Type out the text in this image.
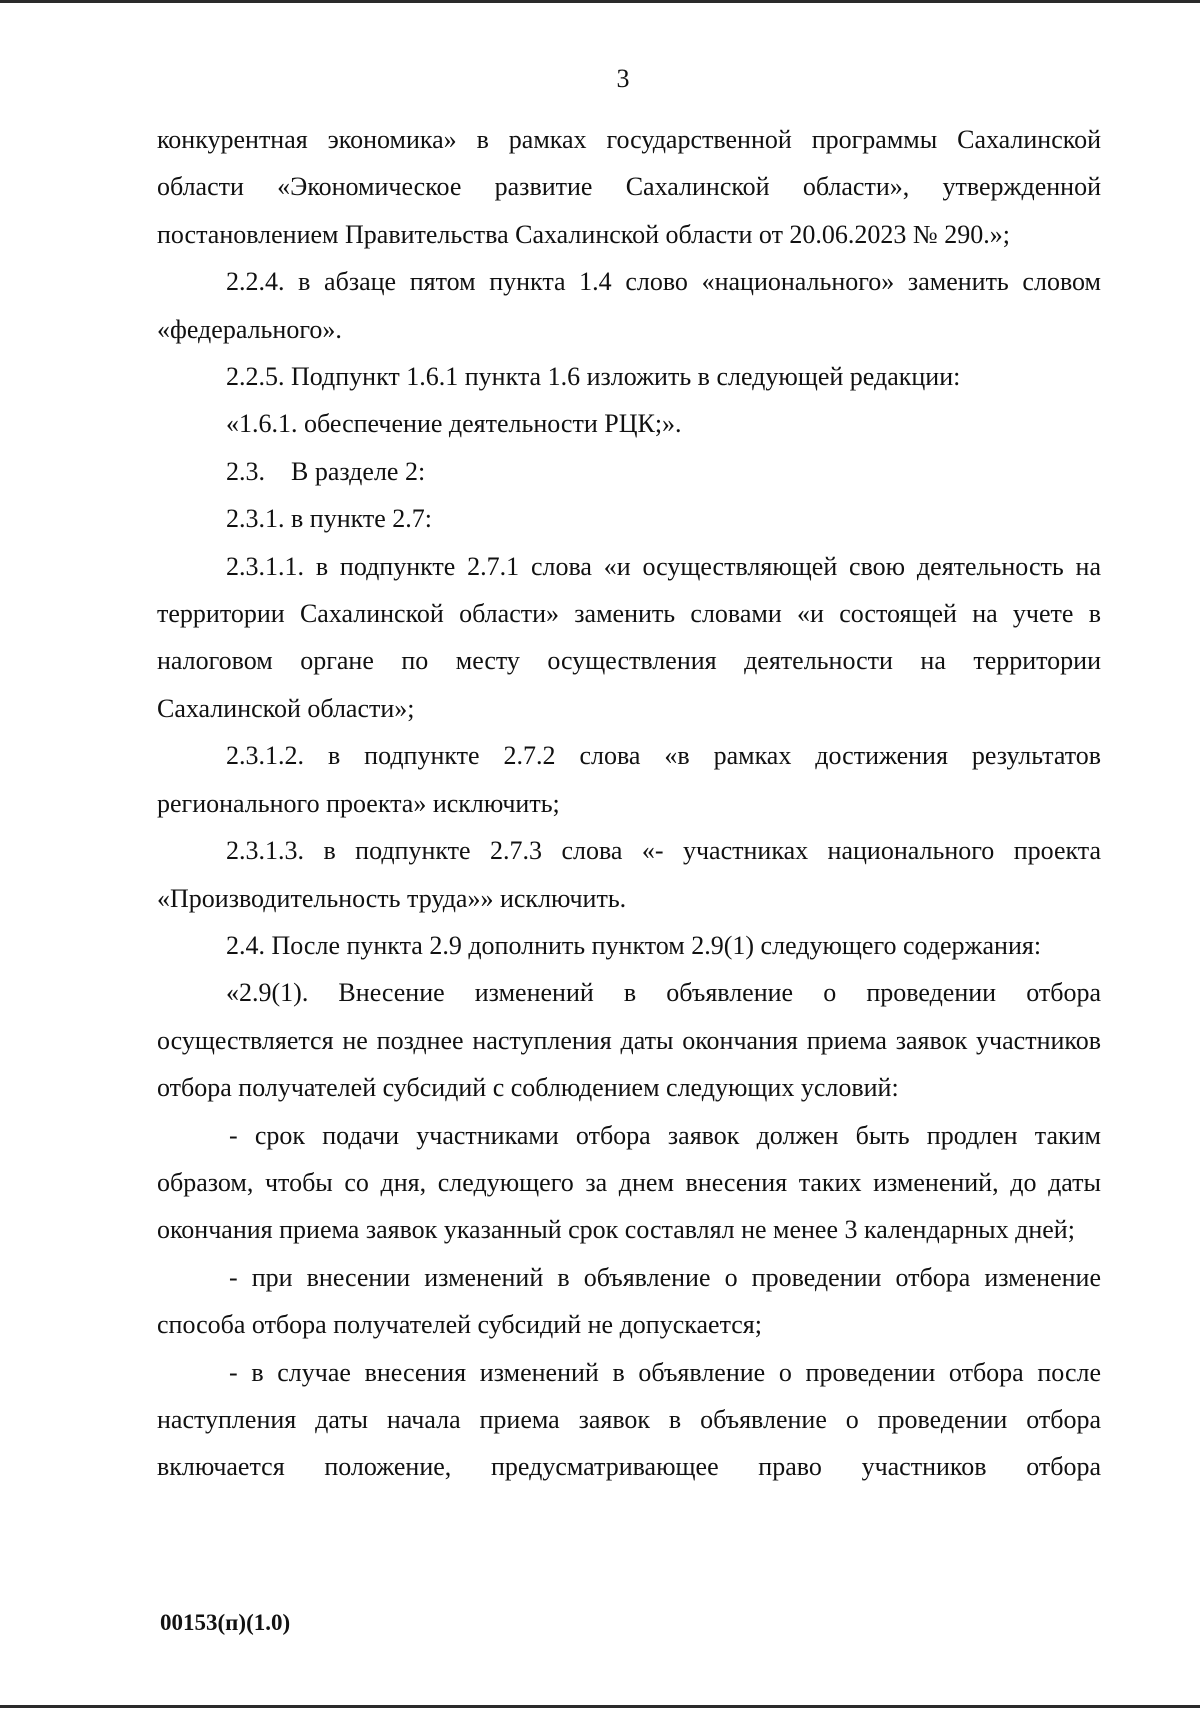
3

конкурентная экономика» в рамках государственной программы Сахалинской области «Экономическое развитие Сахалинской области», утвержденной постановлением Правительства Сахалинской области от 20.06.2023 № 290.»;

2.2.4. в абзаце пятом пункта 1.4 слово «национального» заменить словом «федерального».

2.2.5. Подпункт 1.6.1 пункта 1.6 изложить в следующей редакции:

«1.6.1. обеспечение деятельности РЦК;».

2.3.    В разделе 2:

2.3.1. в пункте 2.7:

2.3.1.1. в подпункте 2.7.1 слова «и осуществляющей свою деятельность на территории Сахалинской области» заменить словами «и состоящей на учете в налоговом органе по месту осуществления деятельности на территории Сахалинской области»;

2.3.1.2. в подпункте 2.7.2 слова «в рамках достижения результатов регионального проекта» исключить;

2.3.1.3. в подпункте 2.7.3 слова «- участниках национального проекта «Производительность труда»» исключить.

2.4. После пункта 2.9 дополнить пунктом 2.9(1) следующего содержания:

«2.9(1). Внесение изменений в объявление о проведении отбора осуществляется не позднее наступления даты окончания приема заявок участников отбора получателей субсидий с соблюдением следующих условий:

- срок подачи участниками отбора заявок должен быть продлен таким образом, чтобы со дня, следующего за днем внесения таких изменений, до даты окончания приема заявок указанный срок составлял не менее 3 календарных дней;

- при внесении изменений в объявление о проведении отбора изменение способа отбора получателей субсидий не допускается;

- в случае внесения изменений в объявление о проведении отбора после наступления даты начала приема заявок в объявление о проведении отбора включается положение, предусматривающее право участников отбора

00153(п)(1.0)
